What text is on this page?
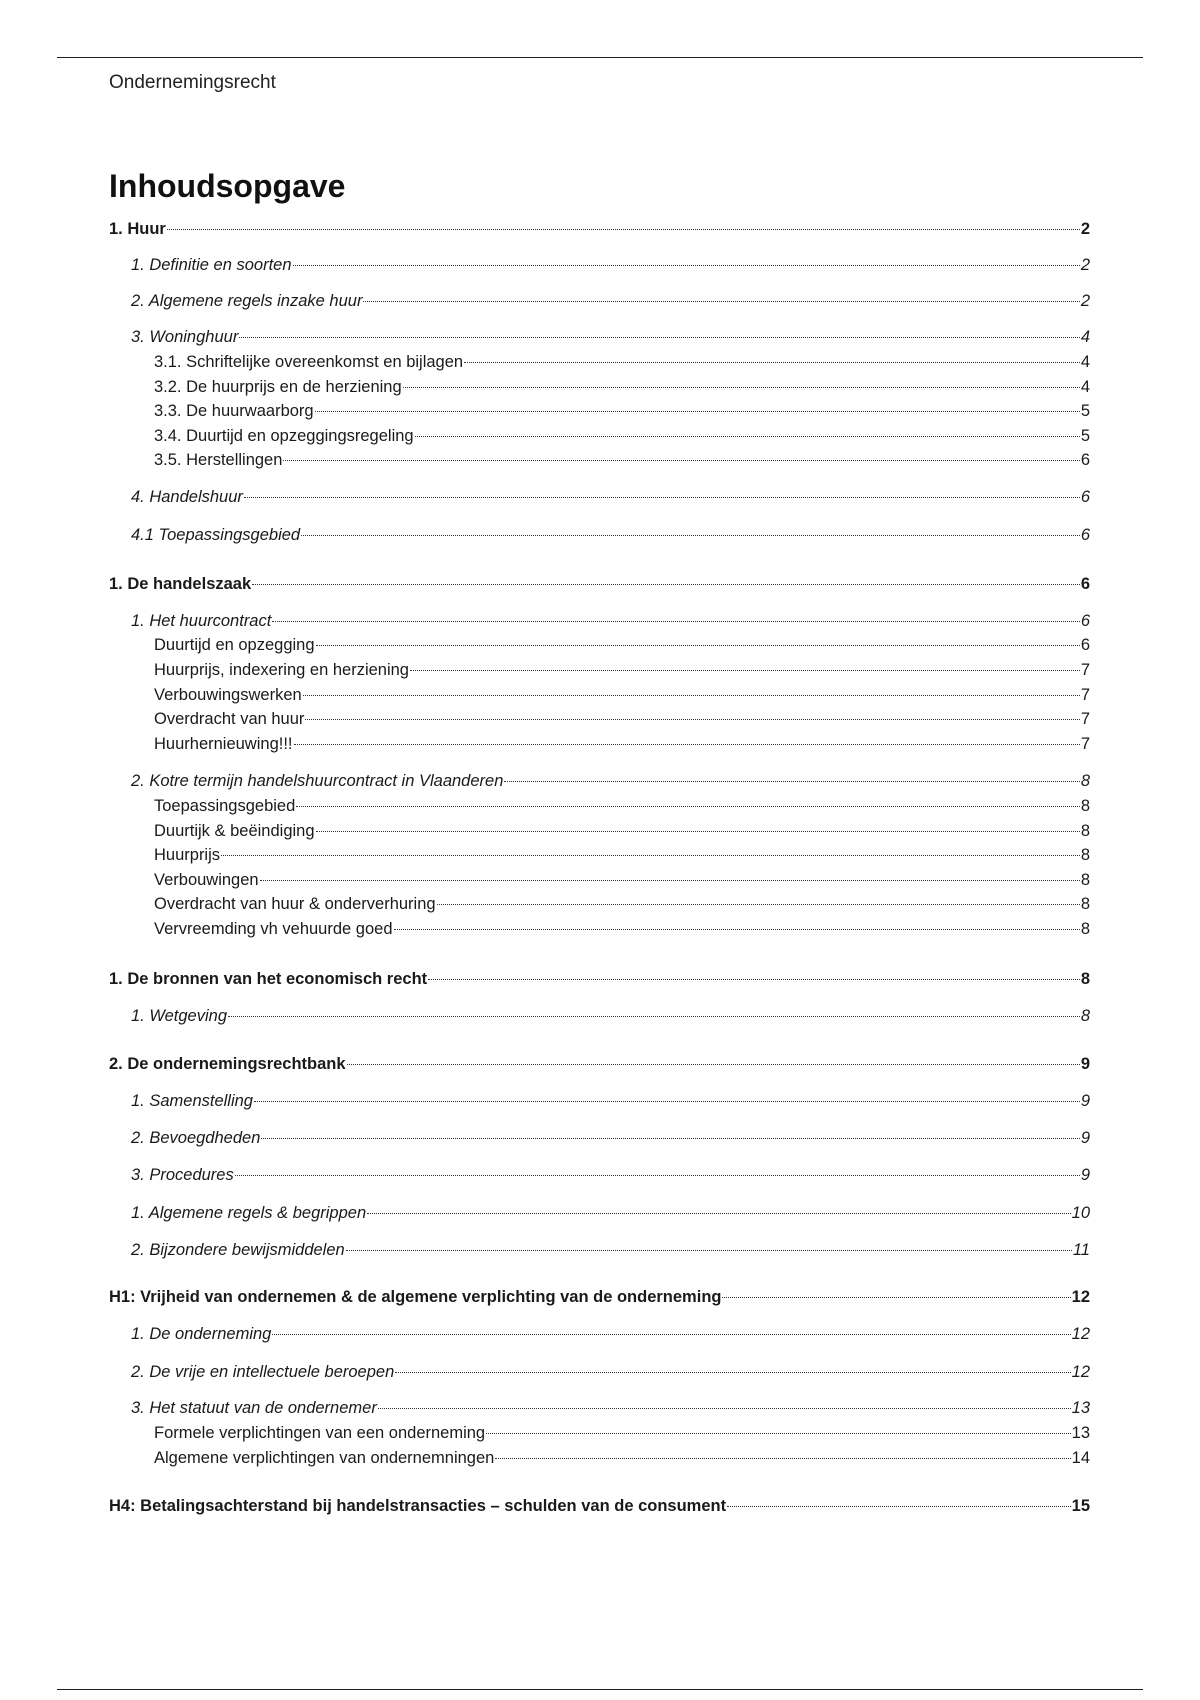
Ondernemingsrecht
Inhoudsopgave
1. Huur	2
1. Definitie en soorten	2
2. Algemene regels inzake huur	2
3. Woninghuur	4
3.1. Schriftelijke overeenkomst en bijlagen	4
3.2. De huurprijs en de herziening	4
3.3. De huurwaarborg	5
3.4. Duurtijd en opzeggingsregeling	5
3.5. Herstellingen	6
4. Handelshuur	6
4.1 Toepassingsgebied	6
1. De handelszaak	6
1. Het huurcontract	6
Duurtijd en opzegging	6
Huurprijs, indexering en herziening	7
Verbouwingswerken	7
Overdracht van huur	7
Huurhernieuwing!!!	7
2. Kotre termijn handelshuurcontract in Vlaanderen	8
Toepassingsgebied	8
Duurtijk & beëindiging	8
Huurprijs	8
Verbouwingen	8
Overdracht van huur & onderverhuring	8
Vervreemding vh vehuurde goed	8
1. De bronnen van het economisch recht	8
1. Wetgeving	8
2. De ondernemingsrechtbank	9
1. Samenstelling	9
2. Bevoegdheden	9
3. Procedures	9
1. Algemene regels & begrippen	10
2. Bijzondere bewijsmiddelen	11
H1: Vrijheid van ondernemen & de algemene verplichting van de onderneming	12
1. De onderneming	12
2. De vrije en intellectuele beroepen	12
3. Het statuut van de ondernemer	13
Formele verplichtingen van een onderneming	13
Algemene verplichtingen van ondernemningen	14
H4: Betalingsachterstand bij handelstransacties – schulden van de consument	15
